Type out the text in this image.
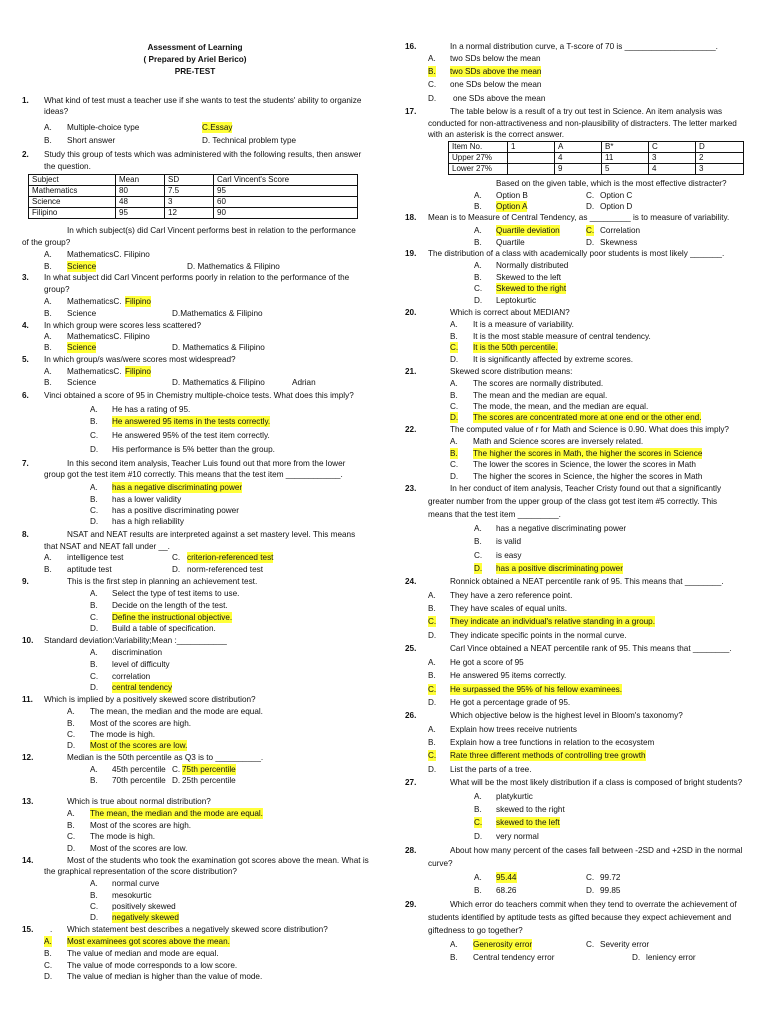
Assessment of Learning
( Prepared by Ariel Berico)
PRE-TEST
1. What kind of test must a teacher use if she wants to test the students' ability to organize
ideas?
A. Multiple-choice type	C.Essay
B. Short answer	D. Technical problem type
2. Study this group of tests which was administered with the following results, then answer
the question.
Subject	Mean	SD	Carl Vincent's Score
Mathematics	80	7.5	95
Science	48	3	60
Filipino	95	12	90
In which subject(s) did Carl Vincent performs best in relation to the performance
of the group?
A. MathematicsC. Filipino
B. Science	D. Mathematics & Filipino
3. In what subject did Carl Vincent performs poorly in relation to the performance of the
group?
A. MathematicsC. Filipino
B. Science	D.Mathematics & Filipino
4. In which group were scores less scattered?
A. MathematicsC. Filipino
B. Science	D. Mathematics & Filipino
5. In which group/s was/were scores most widespread?
A. MathematicsC. Filipino
B. Science	D. Mathematics & Filipino	Adrian
6. Vinci obtained a score of 95 in Chemistry multiple-choice tests. What does this imply?
A. He has a rating of 95.
B. He answered 95 items in the tests correctly.
C. He answered 95% of the test item correctly.
D. His performance is 5% better than the group.
7.	In this second item analysis, Teacher Luis found out that more from the lower
group got the test item #10 correctly. This means that the test item ____________.
A. has a negative discriminating power
B. has a lower validity
C. has a positive discriminating power
D. has a high reliability
8.	NSAT and NEAT results are interpreted against a set mastery level. This means
that NSAT and NEAT fall under __.
A. intelligence test	C. criterion-referenced test
B. aptitude test	D. norm-referenced test
9.	This is the first step in planning an achievement test.
A. Select the type of test items to use.
B. Decide on the length of the test.
C. Define the instructional objective.
D. Build a table of specification.
10. Standard deviation:Variability;Mean :___________
A. discrimination
B. level of difficulty
C. correlation
D. central tendency
11. Which is implied by a positively skewed score distribution?
A. The mean, the median and the mode are equal.
B. Most of the scores are high.
C. The mode is high.
D. Most of the scores are low.
12.	Median is the 50th percentile as Q3 is to __________.
A. 45th percentile C. 75th percentile
B. 70th percentile D. 25th percentile
13.	Which is true about normal distribution?
A. The mean, the median and the mode are equal.
B. Most of the scores are high.
C. The mode is high.
D. Most of the scores are low.
14.	Most of the students who took the examination got scores above the mean. What is
the graphical representation of the score distribution?
A. normal curve
B. mesokurtic
C. positively skewed
D. negatively skewed
15. . Which statement best describes a negatively skewed score distribution?
A. Most examinees got scores above the mean.
B. The value of median and mode are equal.
C. The value of mode corresponds to a low score.
D. The value of median is higher than the value of mode.
16.	In a normal distribution curve, a T-score of 70 is ____________________.
A. two SDs below the mean
B. two SDs above the mean
C. one SDs below the mean
D. one SDs above the mean
17.	The table below is a result of a try out test in Science. An item analysis was
conducted for non-attractiveness and non-plausibility of distracters. The letter marked
with an asterisk is the correct answer.
Item No.	1	A	B*	C	D
Upper 27%		4	11	3	2
Lower 27%		9	5	4	3
Based on the given table, which is the most effective distracter?
A. Option B	C. Option C
B. Option A	D. Option D
18. Mean is to Measure of Central Tendency, as _________ is to measure of variability.
A. Quartile deviation	C. Correlation
B. Quartile	D. Skewness
19. The distribution of a class with academically poor students is most likely _______.
A. Normally distributed
B. Skewed to the left
C. Skewed to the right
D. Leptokurtic
20.	Which is correct about MEDIAN?
A. It is a measure of variability.
B. It is the most stable measure of central tendency.
C. It is the 50th percentile.
D. It is significantly affected by extreme scores.
21.	Skewed score distribution means:
A. The scores are normally distributed.
B. The mean and the median are equal.
C. The mode, the mean, and the median are equal.
D. The scores are concentrated more at one end or the other end.
22.	The computed value of r for Math and Science is 0.90. What does this imply?
A. Math and Science scores are inversely related.
B. The higher the scores in Math, the higher the scores in Science
C. The lower the scores in Science, the lower the scores in Math
D. The higher the scores in Science, the higher the scores in Math
23.	In her conduct of item analysis, Teacher Cristy found out that a significantly
greater number from the upper group of the class got test item #5 correctly. This
means that the test item _________.
A. has a negative discriminating power
B. is valid
C. is easy
D. has a positive discriminating power
24.	Ronnick obtained a NEAT percentile rank of 95. This means that ________.
A. They have a zero reference point.
B. They have scales of equal units.
C. They indicate an individual's relative standing in a group.
D. They indicate specific points in the normal curve.
25.	Carl Vince obtained a NEAT percentile rank of 95. This means that ________.
A. He got a score of 95
B. He answered 95 items correctly.
C. He surpassed the 95% of his fellow examinees.
D. He got a percentage grade of 95.
26.	Which objective below is the highest level in Bloom's taxonomy?
A. Explain how trees receive nutrients
B. Explain how a tree functions in relation to the ecosystem
C. Rate three different methods of controlling tree growth
D. List the parts of a tree.
27.	What will be the most likely distribution if a class is composed of bright students?
A. platykurtic
B. skewed to the right
C. skewed to the left
D. very normal
28.	About how many percent of the cases fall between -2SD and +2SD in the normal
curve?
A. 95.44	C. 99.72
B. 68.26	D. 99.85
29.	Which error do teachers commit when they tend to overrate the achievement of
students identified by aptitude tests as gifted because they expect achievement and
giftedness to go together?
A. Generosity error	C. Severity error
B. Central tendency error	D. leniency error
